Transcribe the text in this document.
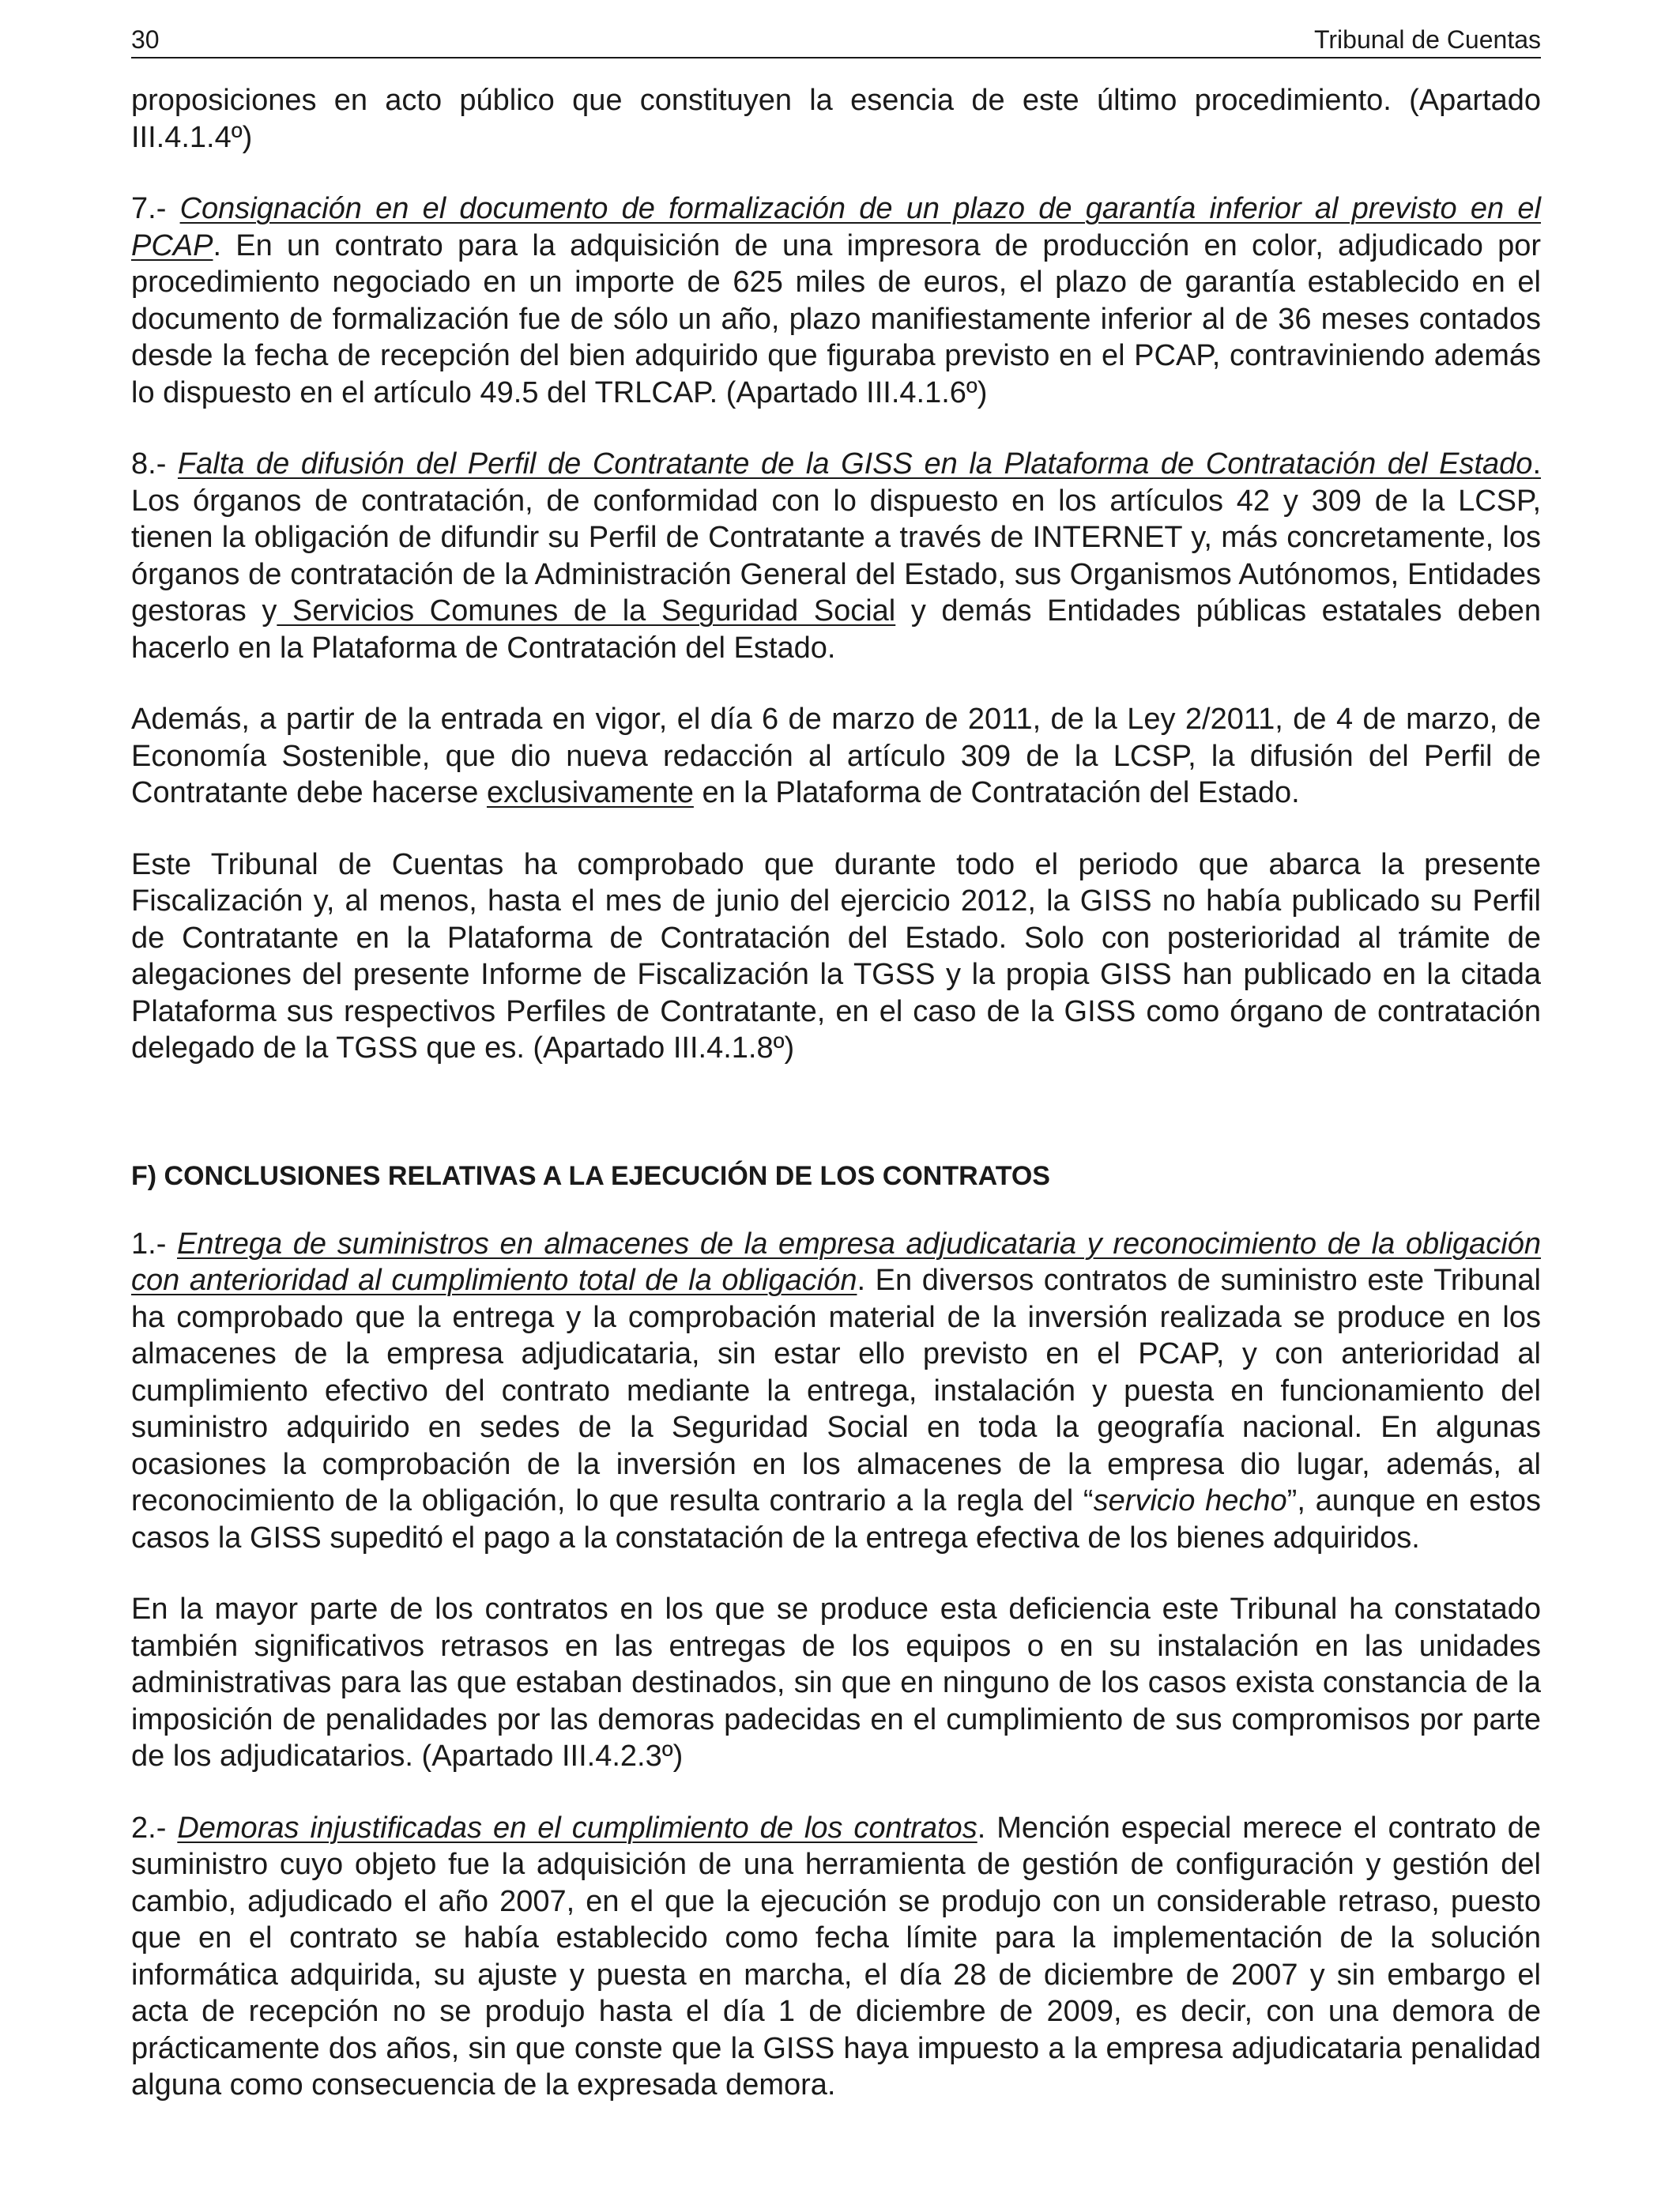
30	Tribunal de Cuentas

proposiciones en acto público que constituyen la esencia de este último procedimiento. (Apartado III.4.1.4º)

7.- Consignación en el documento de formalización de un plazo de garantía inferior al previsto en el PCAP. En un contrato para la adquisición de una impresora de producción en color, adjudicado por procedimiento negociado en un importe de 625 miles de euros, el plazo de garantía establecido en el documento de formalización fue de sólo un año, plazo manifiestamente inferior al de 36 meses contados desde la fecha de recepción del bien adquirido que figuraba previsto en el PCAP, contraviniendo además lo dispuesto en el artículo 49.5 del TRLCAP. (Apartado III.4.1.6º)

8.- Falta de difusión del Perfil de Contratante de la GISS en la Plataforma de Contratación del Estado. Los órganos de contratación, de conformidad con lo dispuesto en los artículos 42 y 309 de la LCSP, tienen la obligación de difundir su Perfil de Contratante a través de INTERNET y, más concretamente, los órganos de contratación de la Administración General del Estado, sus Organismos Autónomos, Entidades gestoras y Servicios Comunes de la Seguridad Social y demás Entidades públicas estatales deben hacerlo en la Plataforma de Contratación del Estado.

Además, a partir de la entrada en vigor, el día 6 de marzo de 2011, de la Ley 2/2011, de 4 de marzo, de Economía Sostenible, que dio nueva redacción al artículo 309 de la LCSP, la difusión del Perfil de Contratante debe hacerse exclusivamente en la Plataforma de Contratación del Estado.

Este Tribunal de Cuentas ha comprobado que durante todo el periodo que abarca la presente Fiscalización y, al menos, hasta el mes de junio del ejercicio 2012, la GISS no había publicado su Perfil de Contratante en la Plataforma de Contratación del Estado. Solo con posterioridad al trámite de alegaciones del presente Informe de Fiscalización la TGSS y la propia GISS han publicado en la citada Plataforma sus respectivos Perfiles de Contratante, en el caso de la GISS como órgano de contratación delegado de la TGSS que es. (Apartado III.4.1.8º)

F) CONCLUSIONES RELATIVAS A LA EJECUCIÓN DE LOS CONTRATOS

1.- Entrega de suministros en almacenes de la empresa adjudicataria y reconocimiento de la obligación con anterioridad al cumplimiento total de la obligación. En diversos contratos de suministro este Tribunal ha comprobado que la entrega y la comprobación material de la inversión realizada se produce en los almacenes de la empresa adjudicataria, sin estar ello previsto en el PCAP, y con anterioridad al cumplimiento efectivo del contrato mediante la entrega, instalación y puesta en funcionamiento del suministro adquirido en sedes de la Seguridad Social en toda la geografía nacional. En algunas ocasiones la comprobación de la inversión en los almacenes de la empresa dio lugar, además, al reconocimiento de la obligación, lo que resulta contrario a la regla del “servicio hecho”, aunque en estos casos la GISS supeditó el pago a la constatación de la entrega efectiva de los bienes adquiridos.

En la mayor parte de los contratos en los que se produce esta deficiencia este Tribunal ha constatado también significativos retrasos en las entregas de los equipos o en su instalación en las unidades administrativas para las que estaban destinados, sin que en ninguno de los casos exista constancia de la imposición de penalidades por las demoras padecidas en el cumplimiento de sus compromisos por parte de los adjudicatarios. (Apartado III.4.2.3º)

2.- Demoras injustificadas en el cumplimiento de los contratos. Mención especial merece el contrato de suministro cuyo objeto fue la adquisición de una herramienta de gestión de configuración y gestión del cambio, adjudicado el año 2007, en el que la ejecución se produjo con un considerable retraso, puesto que en el contrato se había establecido como fecha límite para la implementación de la solución informática adquirida, su ajuste y puesta en marcha, el día 28 de diciembre de 2007 y sin embargo el acta de recepción no se produjo hasta el día 1 de diciembre de 2009, es decir, con una demora de prácticamente dos años, sin que conste que la GISS haya impuesto a la empresa adjudicataria penalidad alguna como consecuencia de la expresada demora.
